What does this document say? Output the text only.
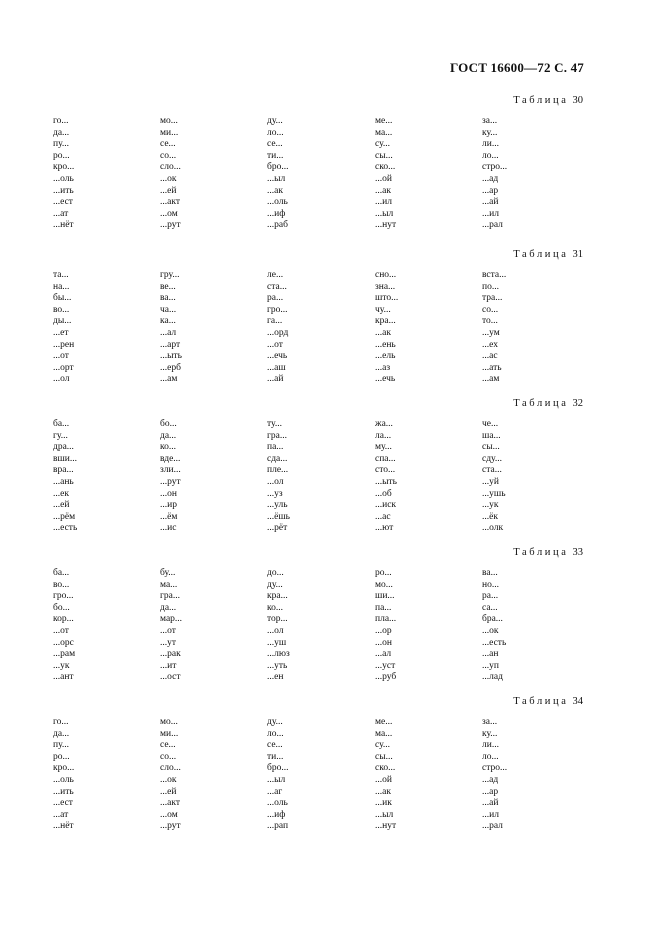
ГОСТ 16600—72 С. 47
Таблица 30
го...
да...
пу...
ро...
кро...
...оль
...ить
...ест
...ат
...нёт
мо...
ми...
се...
со...
сло...
...ок
...ей
...акт
...ом
...рут
ду...
ло...
се...
ти...
бро...
...ыл
...ак
...оль
...иф
...раб
ме...
ма...
су...
сы...
ско...
...ой
...ак
...ил
...ыл
...нут
за...
ку...
ли...
ло...
стро...
...ад
...ар
...ай
...ил
...рал
Таблица 31
та...
на...
бы...
во...
ды...
...ет
...рен
...от
...орт
...ол
гру...
ве...
ва...
ча...
ка...
...ал
...арт
...ыть
...ерб
...ам
ле...
ста...
ра...
гро...
га...
...орд
...от
...ечь
...аш
...ай
сно...
зна...
што...
чу...
кра...
...ак
...ень
...ель
...аз
...ечь
вста...
по...
тра...
со...
то...
...ум
...ех
...ас
...ать
...ам
Таблица 32
ба...
гу...
дра...
вши...
вра...
...ань
...ек
...ей
...рём
...есть
бо...
да...
ко...
вде...
зли...
...рут
...он
...ир
...ём
...ис
ту...
гра...
па...
сда...
пле...
...ол
...уз
...уль
...ёшь
...рёт
жа...
ла...
му...
спа...
сто...
...ыть
...об
...иск
...ас
...ют
че...
ша...
сы...
сду...
ста...
...уй
...ушь
...ук
...ёк
...олк
Таблица 33
ба...
во...
гро...
бо...
кор...
...от
...орс
...рам
...ук
...ант
бу...
ма...
гра...
да...
мар...
...от
...ут
...рак
...ит
...ост
до...
ду...
кра...
ко...
тор...
...ол
...уш
...люз
...уть
...ен
ро...
мо...
ши...
па...
пла...
...ор
...он
...ал
...уст
...руб
ва...
но...
ра...
са...
бра...
...ок
...есть
...ан
...уп
...лад
Таблица 34
го...
да...
пу...
ро...
кро...
...оль
...ить
...ест
...ат
...нёт
мо...
ми...
се...
со...
сло...
...ок
...ей
...акт
...ом
...рут
ду...
ло...
се...
ти...
бро...
...ыл
...аг
...оль
...иф
...рап
ме...
ма...
су...
сы...
ско...
...ой
...ак
...ик
...ыл
...нут
за...
ку...
ли...
ло...
стро...
...ад
...ар
...ай
...ил
...рал
